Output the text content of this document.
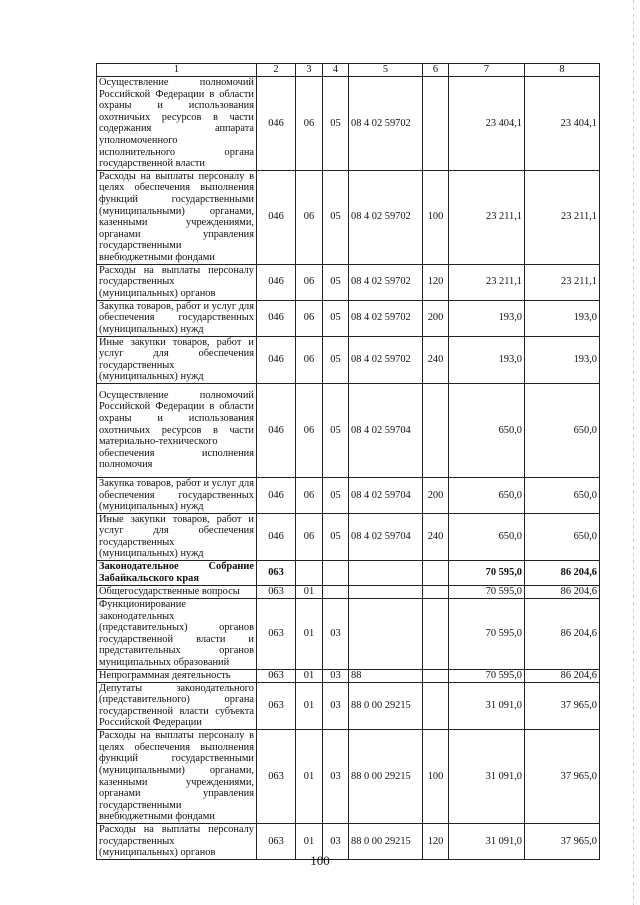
1	2	3	4	5	6	7	8
Осуществление полномочий Российской Федерации в области охраны и использования охотничьих ресурсов в части содержания аппарата уполномоченного исполнительного органа государственной власти	046	06	05	08 4 02 59702		23 404,1	23 404,1
Расходы на выплаты персоналу в целях обеспечения выполнения функций государственными (муниципальными) органами, казенными учреждениями, органами управления государственными внебюджетными фондами	046	06	05	08 4 02 59702	100	23 211,1	23 211,1
Расходы на выплаты персоналу государственных (муниципальных) органов	046	06	05	08 4 02 59702	120	23 211,1	23 211,1
Закупка товаров, работ и услуг для обеспечения государственных (муниципальных) нужд	046	06	05	08 4 02 59702	200	193,0	193,0
Иные закупки товаров, работ и услуг для обеспечения государственных (муниципальных) нужд	046	06	05	08 4 02 59702	240	193,0	193,0
Осуществление полномочий Российской Федерации в области охраны и использования охотничьих ресурсов в части материально-технического обеспечения исполнения полномочия	046	06	05	08 4 02 59704		650,0	650,0
Закупка товаров, работ и услуг для обеспечения государственных (муниципальных) нужд	046	06	05	08 4 02 59704	200	650,0	650,0
Иные закупки товаров, работ и услуг для обеспечения государственных (муниципальных) нужд	046	06	05	08 4 02 59704	240	650,0	650,0
Законодательное Собрание Забайкальского края	063					70 595,0	86 204,6
Общегосударственные вопросы	063	01				70 595,0	86 204,6
Функционирование законодательных (представительных) органов государственной власти и представительных органов муниципальных образований	063	01	03			70 595,0	86 204,6
Непрограммная деятельность	063	01	03	88		70 595,0	86 204,6
Депутаты законодательного (представительного) органа государственной власти субъекта Российской Федерации	063	01	03	88 0 00 29215		31 091,0	37 965,0
Расходы на выплаты персоналу в целях обеспечения выполнения функций государственными (муниципальными) органами, казенными учреждениями, органами управления государственными внебюджетными фондами	063	01	03	88 0 00 29215	100	31 091,0	37 965,0
Расходы на выплаты персоналу государственных (муниципальных) органов	063	01	03	88 0 00 29215	120	31 091,0	37 965,0
100
